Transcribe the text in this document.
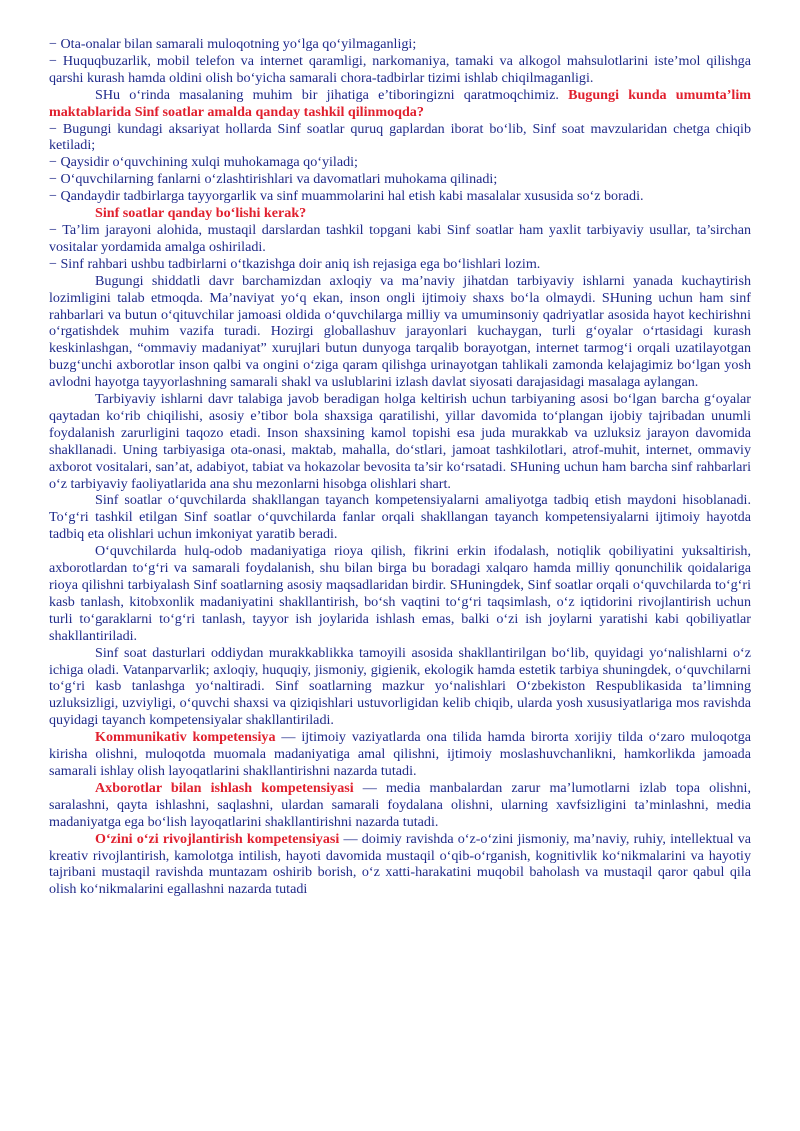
− Ota-onalar bilan samarali muloqotning yo‘lga qo‘yilmaganligi;

− Huquqbuzarlik, mobil telefon va internet qaramligi, narkomaniya, tamaki va alkogol mahsulotlarini iste’mol qilishga qarshi kurash hamda oldini olish bo‘yicha samarali chora-tadbirlar tizimi ishlab chiqilmaganligi.

SHu o‘rinda masalaning muhim bir jihatiga e’tiboringizni qaratmoqchimiz. Bugungi kunda umumta’lim maktablarida Sinf soatlar amalda qanday tashkil qilinmoqda?

− Bugungi kundagi aksariyat hollarda Sinf soatlar quruq gaplardan iborat bo‘lib, Sinf soat mavzularidan chetga chiqib ketiladi;

− Qaysidir o‘quvchining xulqi muhokamaga qo‘yiladi;

− O‘quvchilarning fanlarni o‘zlashtirishlari va davomatlari muhokama qilinadi;

− Qandaydir tadbirlarga tayyorgarlik va sinf muammolarini hal etish kabi masalalar xususida so‘z boradi.

Sinf soatlar qanday bo‘lishi kerak?

− Ta’lim jarayoni alohida, mustaqil darslardan tashkil topgani kabi Sinf soatlar ham yaxlit tarbiyaviy usullar, ta’sirchan vositalar yordamida amalga oshiriladi.

− Sinf rahbari ushbu tadbirlarni o‘tkazishga doir aniq ish rejasiga ega bo‘lishlari lozim.

Bugungi shiddatli davr barchamizdan axloqiy va ma’naviy jihatdan tarbiyaviy ishlarni yanada kuchaytirish lozimligini talab etmoqda. Ma’naviyat yo‘q ekan, inson ongli ijtimoiy shaxs bo‘la olmaydi. SHuning uchun ham sinf rahbarlari va butun o‘qituvchilar jamoasi oldida o‘quvchilarga milliy va umuminsoniy qadriyatlar asosida hayot kechirishni o‘rgatishdek muhim vazifa turadi. Hozirgi globallashuv jarayonlari kuchaygan, turli g‘oyalar o‘rtasidagi kurash keskinlashgan, “ommaviy madaniyat” xurujlari butun dunyoga tarqalib borayotgan, internet tarmog‘i orqali uzatilayotgan buzg‘unchi axborotlar inson qalbi va ongini o‘ziga qaram qilishga urinayotgan tahlikali zamonda kelajagimiz bo‘lgan yosh avlodni hayotga tayyorlashning samarali shakl va uslublarini izlash davlat siyosati darajasidagi masalaga aylangan.

Tarbiyaviy ishlarni davr talabiga javob beradigan holga keltirish uchun tarbiyaning asosi bo‘lgan barcha g‘oyalar qaytadan ko‘rib chiqilishi, asosiy e’tibor bola shaxsiga qaratilishi, yillar davomida to‘plangan ijobiy tajribadan unumli foydalanish zarurligini taqozo etadi. Inson shaxsining kamol topishi esa juda murakkab va uzluksiz jarayon davomida shakllanadi. Uning tarbiyasiga ota-onasi, maktab, mahalla, do‘stlari, jamoat tashkilotlari, atrof-muhit, internet, ommaviy axborot vositalari, san’at, adabiyot, tabiat va hokazolar bevosita ta’sir ko‘rsatadi. SHuning uchun ham barcha sinf rahbarlari o‘z tarbiyaviy faoliyatlarida ana shu mezonlarni hisobga olishlari shart.

Sinf soatlar o‘quvchilarda shakllangan tayanch kompetensiyalarni amaliyotga tadbiq etish maydoni hisoblanadi. To‘g‘ri tashkil etilgan Sinf soatlar o‘quvchilarda fanlar orqali shakllangan tayanch kompetensiyalarni ijtimoiy hayotda tadbiq eta olishlari uchun imkoniyat yaratib beradi.

O‘quvchilarda hulq-odob madaniyatiga rioya qilish, fikrini erkin ifodalash, notiqlik qobiliyatini yuksaltirish, axborotlardan to‘g‘ri va samarali foydalanish, shu bilan birga bu boradagi xalqaro hamda milliy qonunchilik qoidalariga rioya qilishni tarbiyalash Sinf soatlarning asosiy maqsadlaridan birdir. SHuningdek, Sinf soatlar orqali o‘quvchilarda to‘g‘ri kasb tanlash, kitobxonlik madaniyatini shakllantirish, bo‘sh vaqtini to‘g‘ri taqsimlash, o‘z iqtidorini rivojlantirish uchun turli to‘garaklarni to‘g‘ri tanlash, tayyor ish joylarida ishlash emas, balki o‘zi ish joylarni yaratishi kabi qobiliyatlar shakllantiriladi.

Sinf soat dasturlari oddiydan murakkablikka tamoyili asosida shakllantirilgan bo‘lib, quyidagi yo‘nalishlarni o‘z ichiga oladi. Vatanparvarlik; axloqiy, huquqiy, jismoniy, gigienik, ekologik hamda estetik tarbiya shuningdek, o‘quvchilarni to‘g‘ri kasb tanlashga yo‘naltiradi. Sinf soatlarning mazkur yo‘nalishlari O‘zbekiston Respublikasida ta’limning uzluksizligi, uzviyligi, o‘quvchi shaxsi va qiziqishlari ustuvorligidan kelib chiqib, ularda yosh xususiyatlariga mos ravishda quyidagi tayanch kompetensiyalar shakllantiriladi.

Kommunikativ kompetensiya — ijtimoiy vaziyatlarda ona tilida hamda birorta xorijiy tilda o‘zaro muloqotga kirisha olishni, muloqotda muomala madaniyatiga amal qilishni, ijtimoiy moslashuvchanlikni, hamkorlikda jamoada samarali ishlay olish layoqatlarini shakllantirishni nazarda tutadi.

Axborotlar bilan ishlash kompetensiyasi — media manbalardan zarur ma’lumotlarni izlab topa olishni, saralashni, qayta ishlashni, saqlashni, ulardan samarali foydalana olishni, ularning xavfsizligini ta’minlashni, media madaniyatga ega bo‘lish layoqatlarini shakllantirishni nazarda tutadi.

O‘zini o‘zi rivojlantirish kompetensiyasi — doimiy ravishda o‘z-o‘zini jismoniy, ma’naviy, ruhiy, intellektual va kreativ rivojlantirish, kamolotga intilish, hayoti davomida mustaqil o‘qib-o‘rganish, kognitivlik ko‘nikmalarini va hayotiy tajribani mustaqil ravishda muntazam oshirib borish, o‘z xatti-harakatini muqobil baholash va mustaqil qaror qabul qila olish ko‘nikmalarini egallashni nazarda tutadi
